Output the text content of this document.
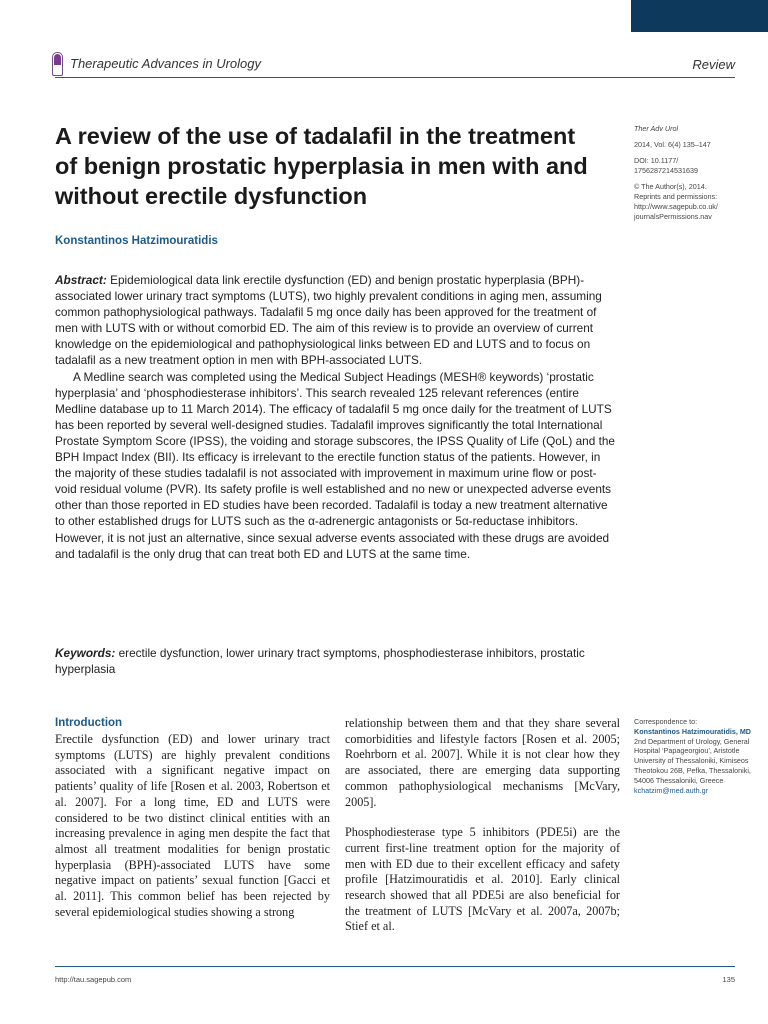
Therapeutic Advances in Urology	Review
A review of the use of tadalafil in the treatment of benign prostatic hyperplasia in men with and without erectile dysfunction
Konstantinos Hatzimouratidis
Ther Adv Urol
2014, Vol. 6(4) 135–147
DOI: 10.1177/
1756287214531639
© The Author(s), 2014.
Reprints and permissions:
http://www.sagepub.co.uk/
journalsPermissions.nav

Abstract: Epidemiological data link erectile dysfunction (ED) and benign prostatic hyperplasia (BPH)-associated lower urinary tract symptoms (LUTS), two highly prevalent conditions in aging men, assuming common pathophysiological pathways. Tadalafil 5 mg once daily has been approved for the treatment of men with LUTS with or without comorbid ED. The aim of this review is to provide an overview of current knowledge on the epidemiological and pathophysiological links between ED and LUTS and to focus on tadalafil as a new treatment option in men with BPH-associated LUTS.

A Medline search was completed using the Medical Subject Headings (MESH® keywords) ‘prostatic hyperplasia’ and ‘phosphodiesterase inhibitors’. This search revealed 125 relevant references (entire Medline database up to 11 March 2014). The efficacy of tadalafil 5 mg once daily for the treatment of LUTS has been reported by several well-designed studies. Tadalafil improves significantly the total International Prostate Symptom Score (IPSS), the voiding and storage subscores, the IPSS Quality of Life (QoL) and the BPH Impact Index (BII). Its efficacy is irrelevant to the erectile function status of the patients. However, in the majority of these studies tadalafil is not associated with improvement in maximum urine flow or post-void residual volume (PVR). Its safety profile is well established and no new or unexpected adverse events other than those reported in ED studies have been recorded. Tadalafil is today a new treatment alternative to other established drugs for LUTS such as the α-adrenergic antagonists or 5α-reductase inhibitors. However, it is not just an alternative, since sexual adverse events associated with these drugs are avoided and tadalafil is the only drug that can treat both ED and LUTS at the same time.

Keywords: erectile dysfunction, lower urinary tract symptoms, phosphodiesterase inhibitors, prostatic hyperplasia
Introduction

Erectile dysfunction (ED) and lower urinary tract symptoms (LUTS) are highly prevalent conditions associated with a significant negative impact on patients’ quality of life [Rosen et al. 2003, Robertson et al. 2007]. For a long time, ED and LUTS were considered to be two distinct clinical entities with an increasing prevalence in aging men despite the fact that almost all treatment modalities for benign prostatic hyperplasia (BPH)-associated LUTS have some negative impact on patients’ sexual function [Gacci et al. 2011]. This common belief has been rejected by several epidemiological studies showing a strong

relationship between them and that they share several comorbidities and lifestyle factors [Rosen et al. 2005; Roehrborn et al. 2007]. While it is not clear how they are associated, there are emerging data supporting common pathophysiological mechanisms [McVary, 2005].

Phosphodiesterase type 5 inhibitors (PDE5i) are the current first-line treatment option for the majority of men with ED due to their excellent efficacy and safety profile [Hatzimouratidis et al. 2010]. Early clinical research showed that all PDE5i are also beneficial for the treatment of LUTS [McVary et al. 2007a, 2007b; Stief et al.

Correspondence to:
Konstantinos Hatzimouratidis, MD
2nd Department of Urology, General Hospital ‘Papageorgiou’, Aristotle University of Thessaloniki, Kimiseos Theotokou 26B, Pefka, Thessaloniki, 54006 Thessaloniki, Greece
kchatzim@med.auth.gr
http://tau.sagepub.com	135
